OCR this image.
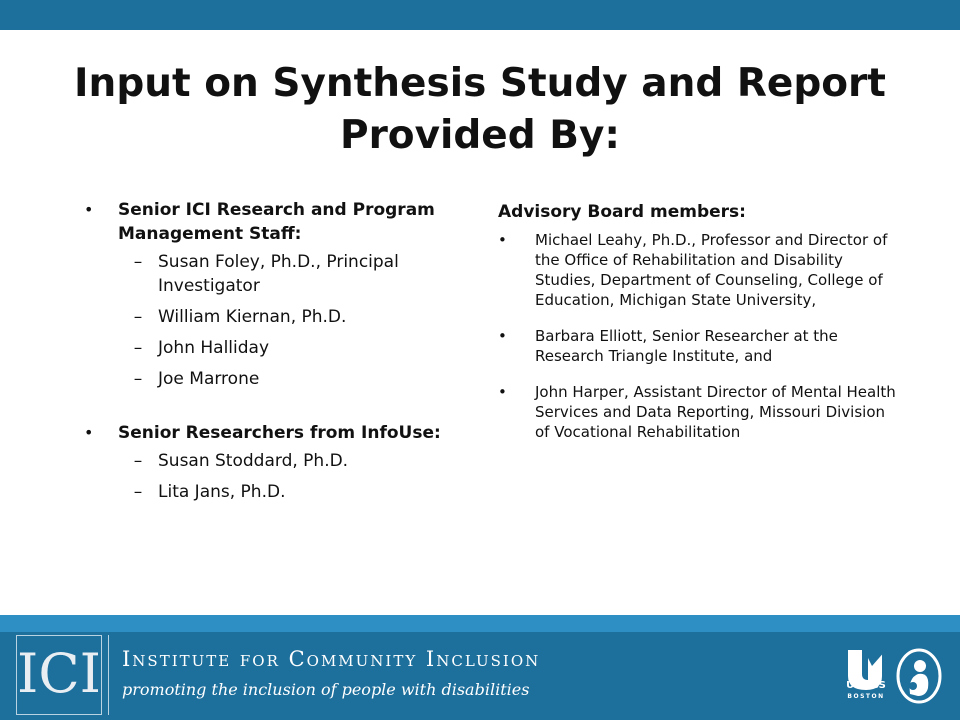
Input on Synthesis Study and Report Provided By:
•	Senior ICI Research and Program Management Staff:
– Susan Foley, Ph.D., Principal Investigator
– William Kiernan, Ph.D.
– John Halliday
– Joe Marrone
•	Senior Researchers from InfoUse:
– Susan Stoddard, Ph.D.
– Lita Jans, Ph.D.
Advisory Board members:
•	Michael Leahy, Ph.D., Professor and Director of the Office of Rehabilitation and Disability Studies, Department of Counseling, College of Education, Michigan State University,
•	Barbara Elliott, Senior Researcher at the Research Triangle Institute, and
•	John Harper, Assistant Director of Mental Health Services and Data Reporting, Missouri Division of Vocational Rehabilitation
ICI Institute for Community Inclusion
promoting the inclusion of people with disabilities	UMASS
BOSTON
